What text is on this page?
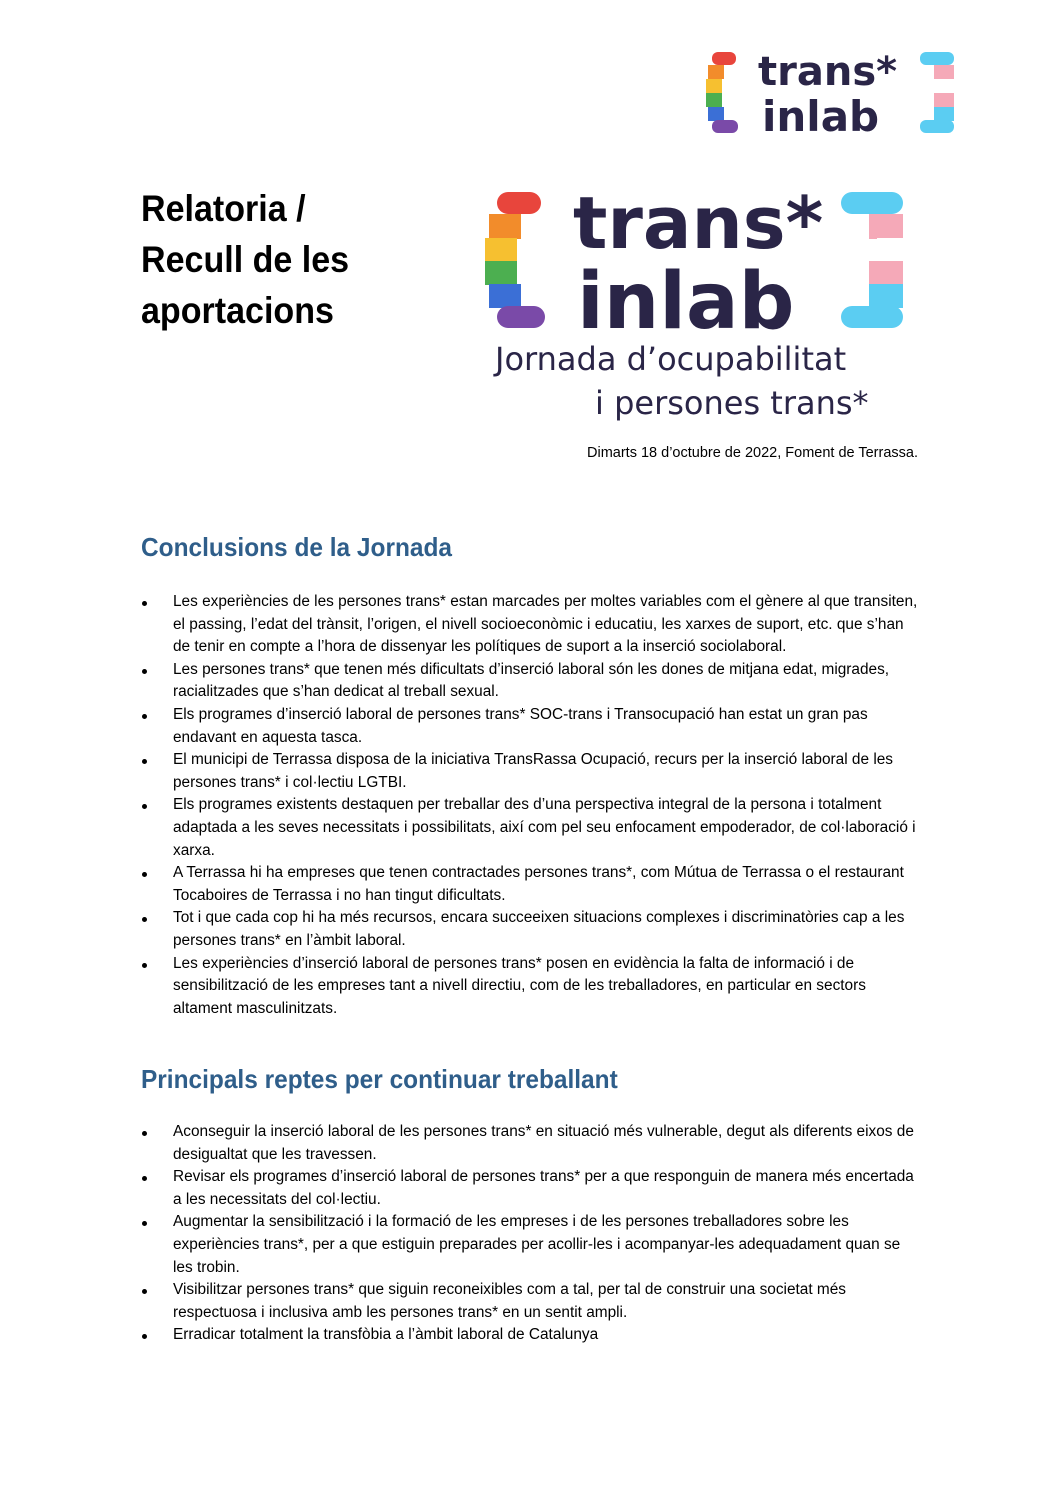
trans*
inlab
Relatoria /
Recull de les
aportacions
trans*
inlab
Jornada d’ocupabilitat
i persones trans*
Dimarts 18 d’octubre de 2022, Foment de Terrassa.
Conclusions de la Jornada
Les experiències de les persones trans* estan marcades per moltes variables com el gènere al que transiten, el passing, l’edat del trànsit, l’origen, el nivell socioeconòmic i educatiu, les xarxes de suport, etc. que s’han de tenir en compte a l’hora de dissenyar les polítiques de suport a la inserció sociolaboral.
Les persones trans* que tenen més dificultats d’inserció laboral són les dones de mitjana edat, migrades, racialitzades que s’han dedicat al treball sexual.
Els programes d’inserció laboral de persones trans* SOC-trans i Transocupació han estat un gran pas endavant en aquesta tasca.
El municipi de Terrassa disposa de la iniciativa TransRassa Ocupació, recurs per la inserció laboral de les persones trans* i col·lectiu LGTBI.
Els programes existents destaquen per treballar des d’una perspectiva integral de la persona i totalment adaptada a les seves necessitats i possibilitats, així com pel seu enfocament empoderador, de col·laboració i xarxa.
A Terrassa hi ha empreses que tenen contractades persones trans*, com Mútua de Terrassa o el restaurant Tocaboires de Terrassa i no han tingut dificultats.
Tot i que cada cop hi ha més recursos, encara succeeixen situacions complexes i discriminatòries cap a les persones trans* en l’àmbit laboral.
Les experiències d’inserció laboral de persones trans* posen en evidència la falta de informació i de sensibilització de les empreses tant a nivell directiu, com de les treballadores, en particular en sectors altament masculinitzats.
Principals reptes per continuar treballant
Aconseguir la inserció laboral de les persones trans* en situació més vulnerable, degut als diferents eixos de desigualtat que les travessen.
Revisar els programes d’inserció laboral de persones trans* per a que responguin de manera més encertada a les necessitats del col·lectiu.
Augmentar la sensibilització i la formació de les empreses i de les persones treballadores sobre les experiències trans*, per a que estiguin preparades per acollir-les i acompanyar-les adequadament quan se les trobin.
Visibilitzar persones trans* que siguin reconeixibles com a tal, per tal de construir una societat més respectuosa i inclusiva amb les persones trans* en un sentit ampli.
Erradicar totalment la transfòbia a l’àmbit laboral de Catalunya
